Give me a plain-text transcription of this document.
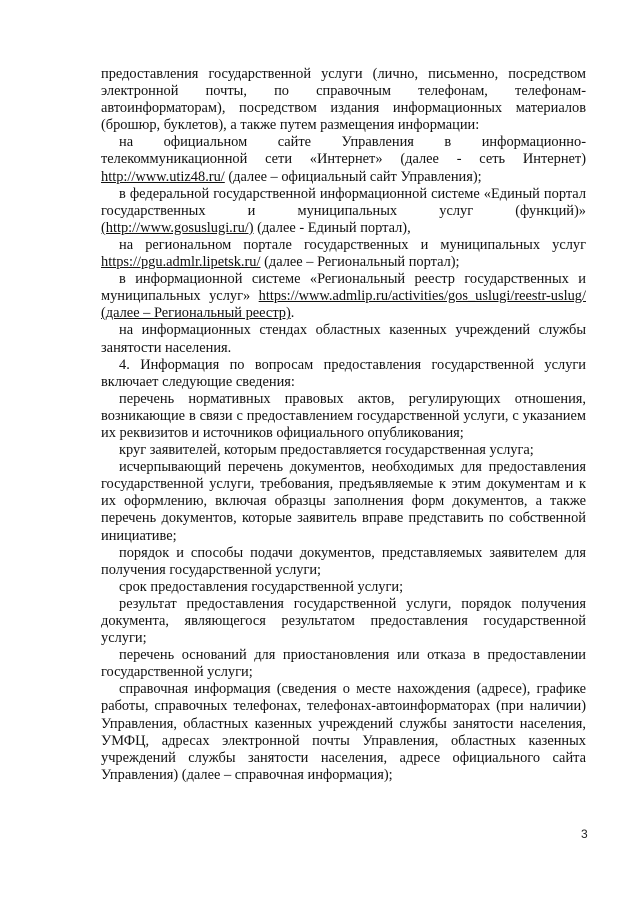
предоставления государственной услуги (лично, письменно, посредством электронной почты, по справочным телефонам, телефонам-автоинформаторам), посредством издания информационных материалов (брошюр, буклетов), а также путем размещения информации:

на официальном сайте Управления в информационно-телекоммуникационной сети «Интернет» (далее - сеть Интернет) http://www.utiz48.ru/ (далее – официальный сайт Управления);

в федеральной государственной информационной системе «Единый портал государственных и муниципальных услуг (функций)» (http://www.gosuslugi.ru/) (далее - Единый портал),

на региональном портале государственных и муниципальных услуг https://pgu.admlr.lipetsk.ru/ (далее – Региональный портал);

в информационной системе «Региональный реестр государственных и муниципальных услуг» https://www.admlip.ru/activities/gos_uslugi/reestr-uslug/ (далее – Региональный реестр).

на информационных стендах областных казенных учреждений службы занятости населения.

4. Информация по вопросам предоставления государственной услуги включает следующие сведения:

перечень нормативных правовых актов, регулирующих отношения, возникающие в связи с предоставлением государственной услуги, с указанием их реквизитов и источников официального опубликования;

круг заявителей, которым предоставляется государственная услуга;

исчерпывающий перечень документов, необходимых для предоставления государственной услуги, требования, предъявляемые к этим документам и к их оформлению, включая образцы заполнения форм документов, а также перечень документов, которые заявитель вправе представить по собственной инициативе;

порядок и способы подачи документов, представляемых заявителем для получения государственной услуги;

срок предоставления государственной услуги;

результат предоставления государственной услуги, порядок получения документа, являющегося результатом предоставления государственной услуги;

перечень оснований для приостановления или отказа в предоставлении государственной услуги;

справочная информация (сведения о месте нахождения (адресе), графике работы, справочных телефонах, телефонах-автоинформаторах (при наличии) Управления, областных казенных учреждений службы занятости населения, УМФЦ, адресах электронной почты Управления, областных казенных учреждений службы занятости населения, адресе официального сайта Управления) (далее – справочная информация);

3
